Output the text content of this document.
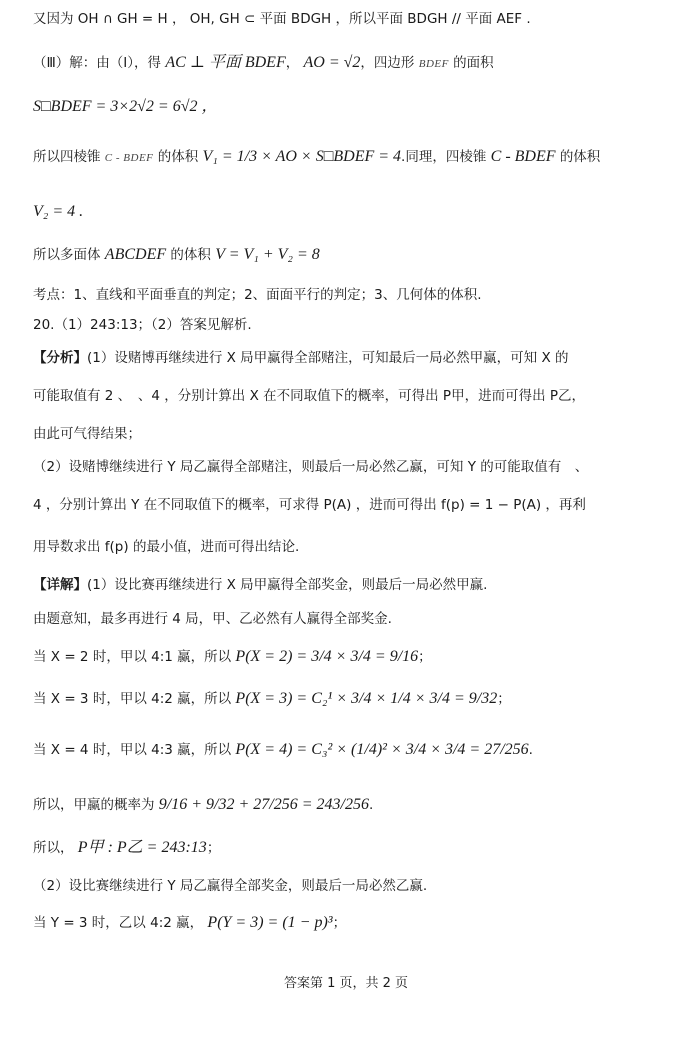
又因为 OH ∩ GH = H ， OH, GH ⊂ 平面 BDGH ，所以平面 BDGH // 平面 AEF .
（Ⅲ）解：由（Ⅰ），得 AC ⊥ 平面 BDEF， AO = √2，四边形 BDEF 的面积
S□BDEF = 3×2√2 = 6√2 ，
所以四棱锥 C - BDEF 的体积 V₁ = 1/3 × AO × S□BDEF = 4.同理，四棱锥 C - BDEF 的体积
V₂ = 4 .
所以多面体 ABCDEF 的体积 V = V₁ + V₂ = 8
考点：1、直线和平面垂直的判定；2、面面平行的判定；3、几何体的体积.
20.（1）243:13；（2）答案见解析.
【分析】(1）设赌博再继续进行 X 局甲赢得全部赌注，可知最后一局必然甲赢，可知 X 的
可能取值有 2 、　、4 ，分别计算出 X 在不同取值下的概率，可得出 P甲，进而可得出 P乙，
由此可气得结果；
（2）设赌博继续进行 Y 局乙赢得全部赌注，则最后一局必然乙赢，可知 Y 的可能取值有　、
4 ，分别计算出 Y 在不同取值下的概率，可求得 P(A) ，进而可得出 f(p) = 1 − P(A) ，再利
用导数求出 f(p) 的最小值，进而可得出结论.
【详解】(1）设比赛再继续进行 X 局甲赢得全部奖金，则最后一局必然甲赢.
由题意知，最多再进行 4 局，甲、乙必然有人赢得全部奖金.
当 X = 2 时，甲以 4:1 赢，所以 P(X = 2) = 3/4 × 3/4 = 9/16；
当 X = 3 时，甲以 4:2 赢，所以 P(X = 3) = C₂¹ × 3/4 × 1/4 × 3/4 = 9/32；
当 X = 4 时，甲以 4:3 赢，所以 P(X = 4) = C₃² × (1/4)² × 3/4 × 3/4 = 27/256.
所以，甲赢的概率为 9/16 + 9/32 + 27/256 = 243/256.
所以， P甲 : P乙 = 243:13；
（2）设比赛继续进行 Y 局乙赢得全部奖金，则最后一局必然乙赢.
当 Y = 3 时，乙以 4:2 赢， P(Y = 3) = (1 − p)³；
答案第 1 页，共 2 页
